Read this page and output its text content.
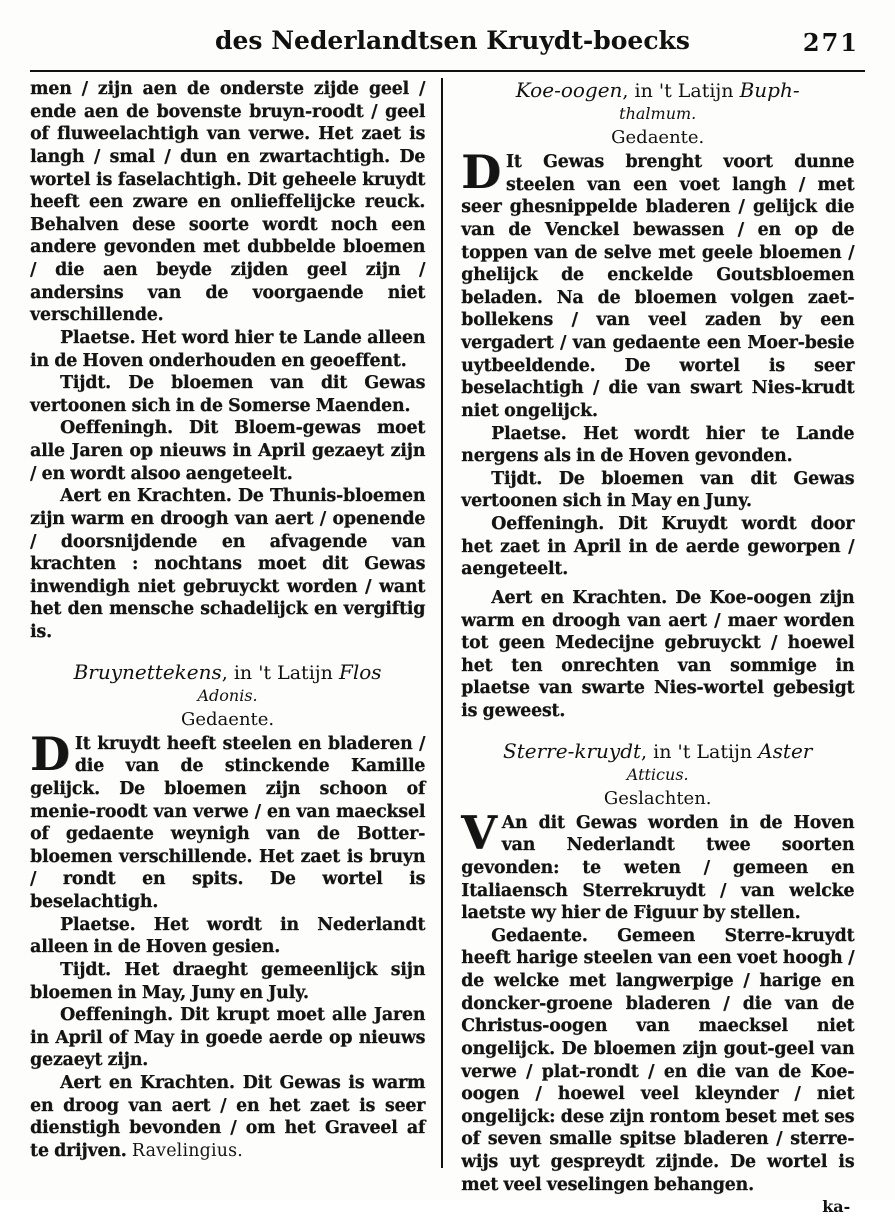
des Nederlandtsen Kruydt-boecks	271

men / zijn aen de onderste zijde geel / ende aen de bovenste bruyn-roodt / geel of fluweelachtigh van verwe. Het zaet is langh / smal / dun en zwartachtigh. De wortel is faselachtigh. Dit geheele kruydt heeft een zware en onlieffelijcke reuck. Behalven dese soorte wordt noch een andere gevonden met dubbelde bloemen / die aen beyde zijden geel zijn / andersins van de voorgaende niet verschillende.

Plaetse. Het word hier te Lande alleen in de Hoven onderhouden en geoeffent.

Tijdt. De bloemen van dit Gewas vertoonen sich in de Somerse Maenden.

Oeffeningh. Dit Bloem-gewas moet alle Jaren op nieuws in April gezaeyt zijn / en wordt alsoo aengeteelt.

Aert en Krachten. De Thunis-bloemen zijn warm en droogh van aert / openende / doorsnijdende en afvagende van krachten : nochtans moet dit Gewas inwendigh niet gebruyckt worden / want het den mensche schadelijck en vergiftig is.

Bruynettekens, in 't Latijn Flos
Adonis.
Gedaente.
D It kruydt heeft steelen en bladeren / die van de stinckende Kamille gelijck. De bloemen zijn schoon of menie-roodt van verwe / en van maecksel of gedaente weynigh van de Botter-bloemen verschillende. Het zaet is bruyn / rondt en spits. De wortel is beselachtigh.

Plaetse. Het wordt in Nederlandt alleen in de Hoven gesien.

Tijdt. Het draeght gemeenlijck sijn bloemen in May, Juny en July.

Oeffeningh. Dit krupt moet alle Jaren in April of May in goede aerde op nieuws gezaeyt zijn.

Aert en Krachten. Dit Gewas is warm en droog van aert / en het zaet is seer dienstigh bevonden / om het Graveel af te drijven. Ravelingius.

Koe-oogen, in 't Latijn Buph-
thalmum.
Gedaente.
D It Gewas brenght voort dunne steelen van een voet langh / met seer ghesnippelde bladeren / gelijck die van de Venckel bewassen / en op de toppen van de selve met geele bloemen / ghelijck de enckelde Goutsbloemen beladen. Na de bloemen volgen zaet-bollekens / van veel zaden by een vergadert / van gedaente een Moer-besie uytbeeldende. De wortel is seer beselachtigh / die van swart Nies-krudt niet ongelijck.

Plaetse. Het wordt hier te Lande nergens als in de Hoven gevonden.

Tijdt. De bloemen van dit Gewas vertoonen sich in May en Juny.

Oeffeningh. Dit Kruydt wordt door het zaet in April in de aerde geworpen / aengeteelt.

Aert en Krachten. De Koe-oogen zijn warm en droogh van aert / maer worden tot geen Medecijne gebruyckt / hoewel het ten onrechten van sommige in plaetse van swarte Nies-wortel gebesigt is geweest.

Sterre-kruydt, in 't Latijn Aster
Atticus.
Geslachten.
V An dit Gewas worden in de Hoven van Nederlandt twee soorten gevonden: te weten / gemeen en Italiaensch Sterrekruydt / van welcke laetste wy hier de Figuur by stellen.

Gedaente. Gemeen Sterre-kruydt heeft harige steelen van een voet hoogh / de welcke met langwerpige / harige en doncker-groene bladeren / die van de Christus-oogen van maecksel niet ongelijck. De bloemen zijn gout-geel van verwe / plat-rondt / en die van de Koe-oogen / hoewel veel kleynder / niet ongelijck: dese zijn rontom beset met ses of seven smalle spitse bladeren / sterre-wijs uyt gespreydt zijnde. De wortel is met veel veselingen behangen.

ka-
